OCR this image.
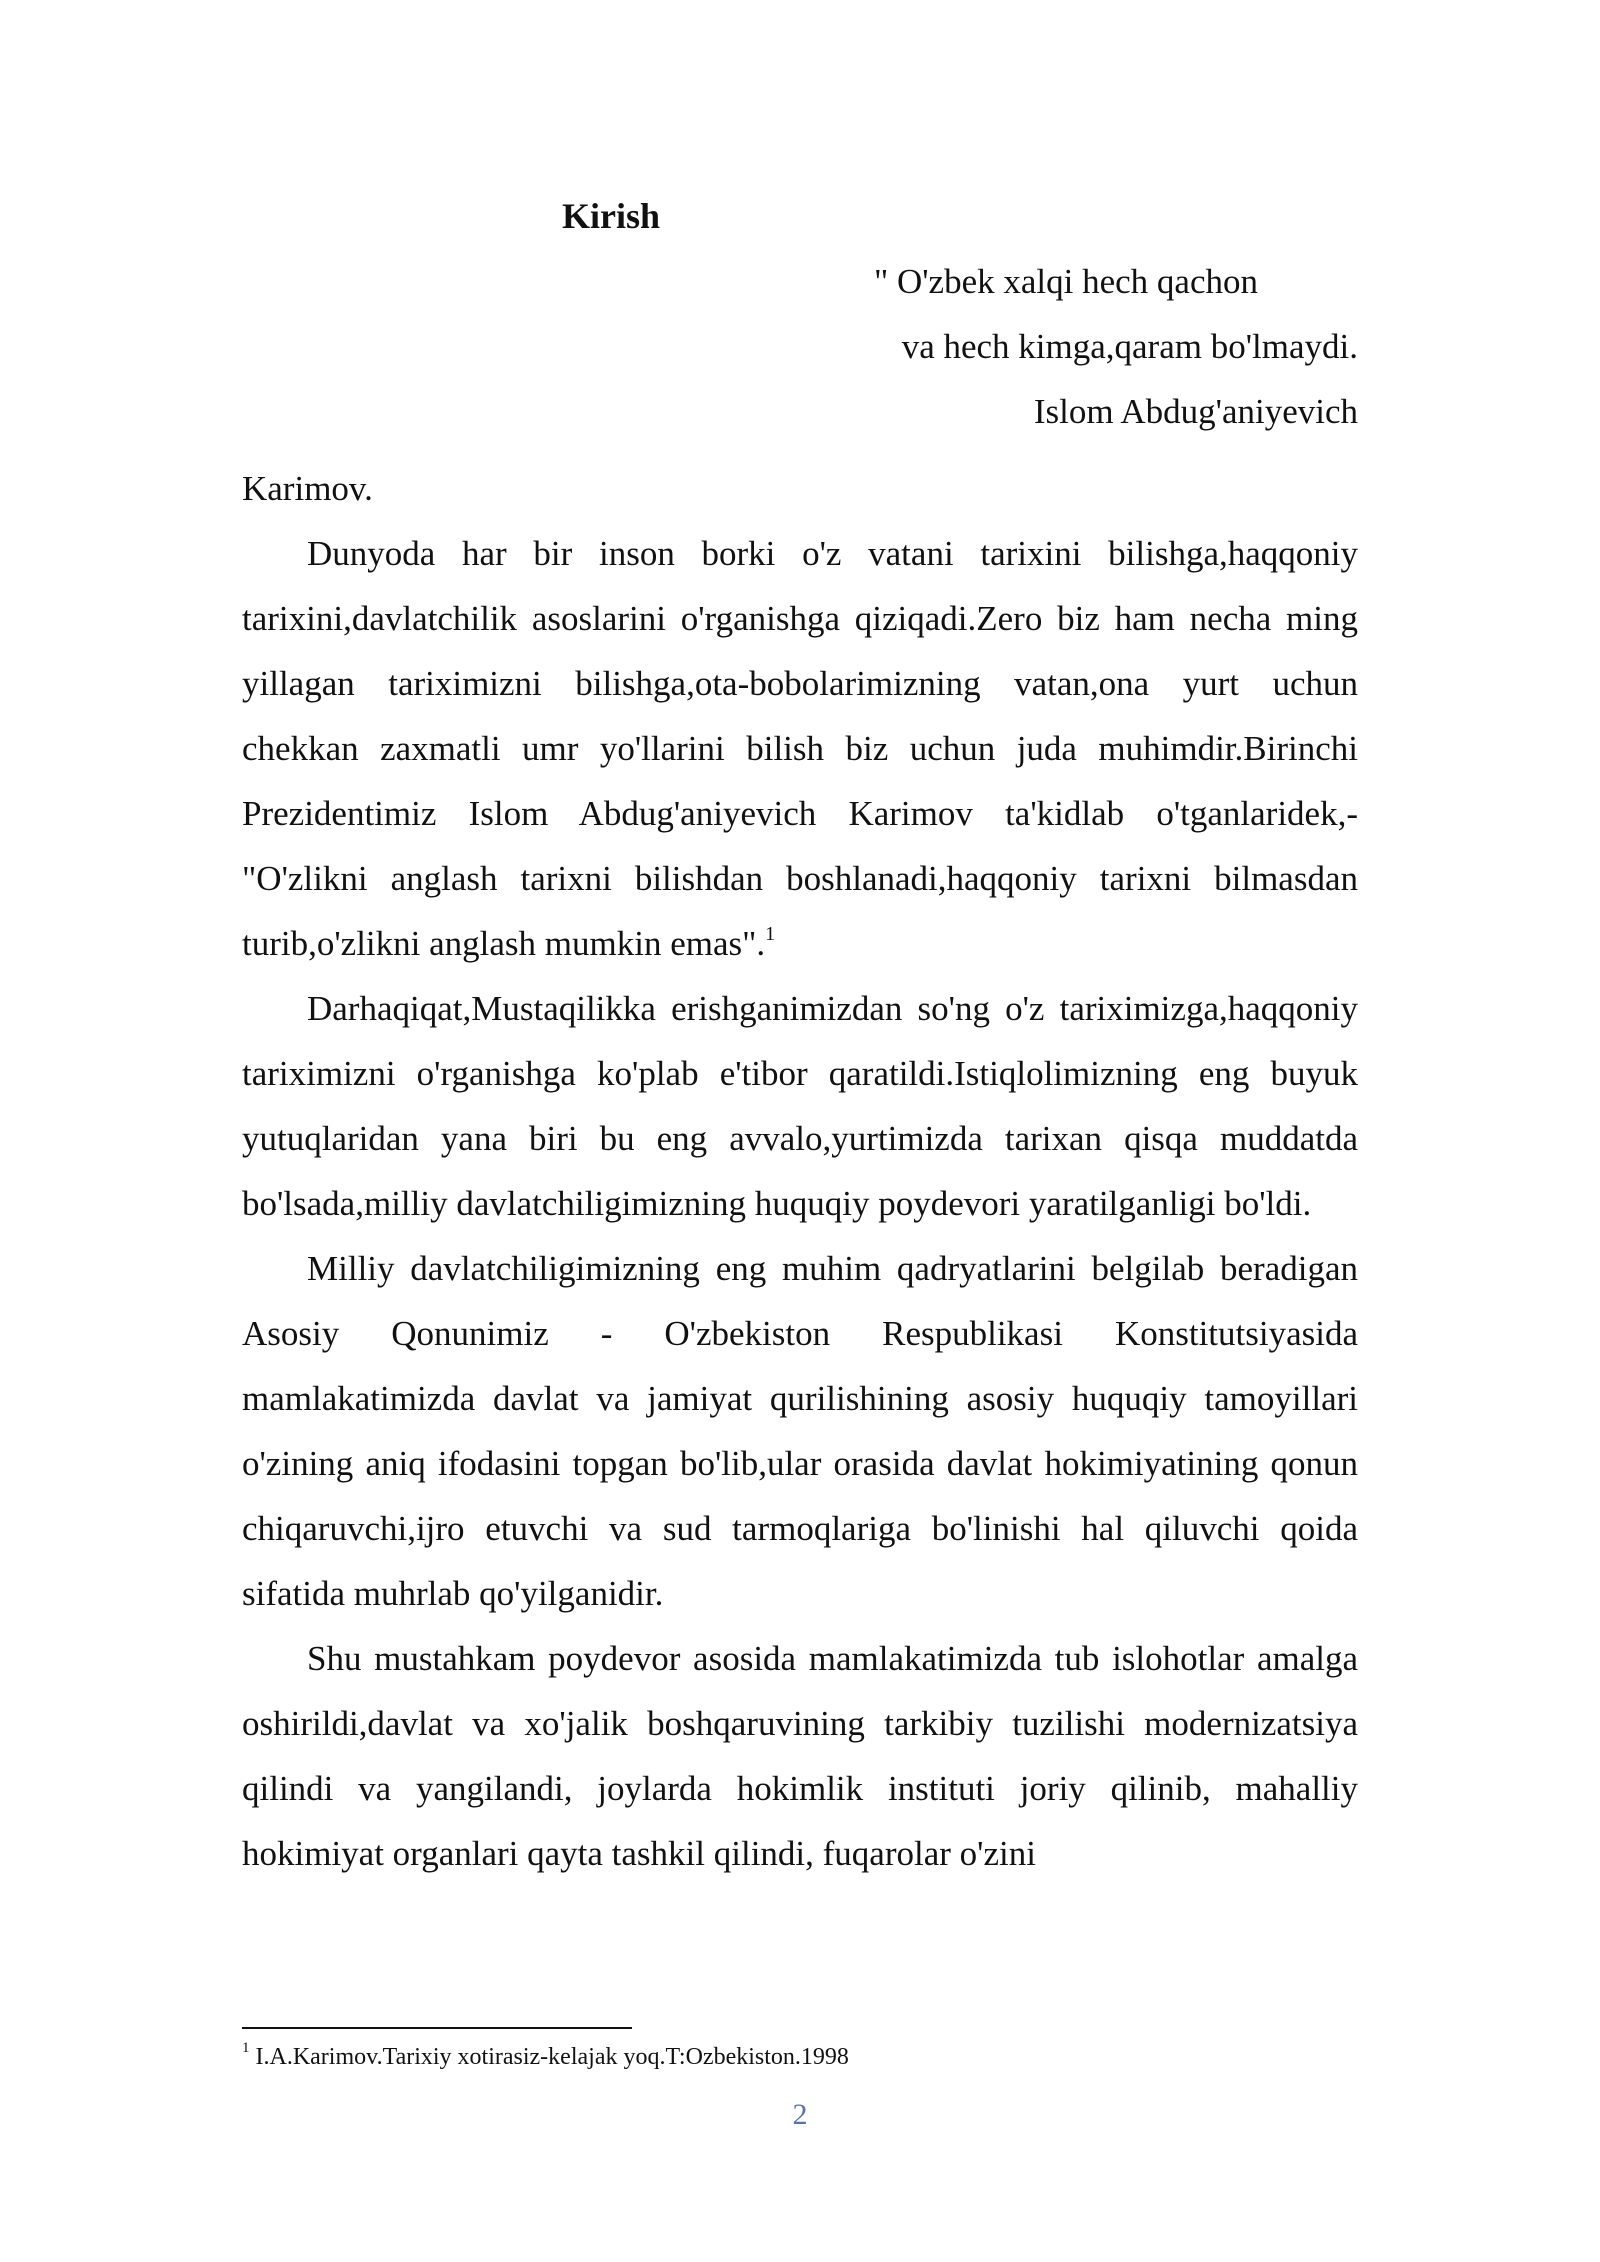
Kirish
" O'zbek xalqi hech qachon
va hech kimga,qaram bo'lmaydi.
Islom Abdug'aniyevich

Karimov.

Dunyoda har bir inson borki o'z vatani tarixini bilishga,haqqoniy tarixini,davlatchilik asoslarini o'rganishga qiziqadi.Zero biz ham necha ming yillagan tariximizni bilishga,ota-bobolarimizning vatan,ona yurt uchun chekkan zaxmatli umr yo'llarini bilish biz uchun juda muhimdir.Birinchi Prezidentimiz Islom Abdug'aniyevich Karimov ta'kidlab o'tganlaridek,- "O'zlikni anglash tarixni bilishdan boshlanadi,haqqoniy tarixni bilmasdan turib,o'zlikni anglash mumkin emas".$^1$

Darhaqiqat,Mustaqilikka erishganimizdan so'ng o'z tariximizga,haqqoniy tariximizni o'rganishga ko'plab e'tibor qaratildi.Istiqlolimizning eng buyuk yutuqlaridan yana biri bu eng avvalo,yurtimizda tarixan qisqa muddatda bo'lsada,milliy davlatchiligimizning huquqiy poydevori yaratilganligi bo'ldi.

Milliy davlatchiligimizning eng muhim qadryatlarini belgilab beradigan Asosiy Qonunimiz - O'zbekiston Respublikasi Konstitutsiyasida mamlakatimizda davlat va jamiyat qurilishining asosiy huquqiy tamoyillari o'zining aniq ifodasini topgan bo'lib,ular orasida davlat hokimiyatining qonun chiqaruvchi,ijro etuvchi va sud tarmoqlariga bo'linishi hal qiluvchi qoida sifatida muhrlab qo'yilganidir.

Shu mustahkam poydevor asosida mamlakatimizda tub islohotlar amalga oshirildi,davlat va xo'jalik boshqaruvining tarkibiy tuzilishi modernizatsiya qilindi va yangilandi, joylarda hokimlik instituti joriy qilinib, mahalliy hokimiyat organlari qayta tashkil qilindi, fuqarolar o'zini

$^1$ I.A.Karimov.Tarixiy xotirasiz-kelajak yoq.T:Ozbekiston.1998
2
